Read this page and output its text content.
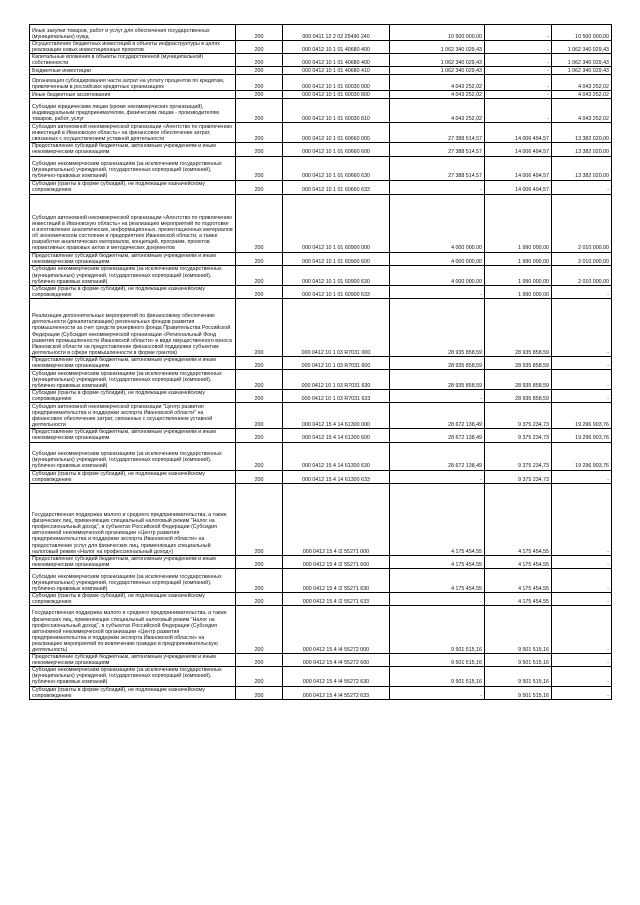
Иные закупки товаров, работ и услуг для обеспечения государственных (муниципальных) нужд	200	000 0411 12 2 02 25490 240	10 500 000,00	-	10 500 000,00
Осуществление бюджетных инвестиций в объекты инфраструктуры в целях реализации новых инвестиционных проектов	200	000 0412 10 1 01 40680 400	1 062 340 029,43	-	1 062 340 029,43
Капитальные вложения в объекты государственной (муниципальной) собственности	200	000 0412 10 1 01 40680 400	1 062 340 029,43	-	1 062 340 029,43
Бюджетные инвестиции	200	000 0412 10 1 01 40680 410	1 062 340 029,43	-	1 062 340 029,43
Организация субсидирования части затрат на уплату процентов по кредитам, привлеченным в российских кредитных организациях	200	000 0412 10 1 01 60030 000	4 043 252,02	-	4 043 252,02
Иные бюджетные ассигнования	200	000 0412 10 1 01 60030 800	4 043 252,02	-	4 043 252,02
Субсидии юридическим лицам (кроме некоммерческих организаций), индивидуальным предпринимателям, физическим лицам - производителям товаров, работ, услуг	200	000 0412 10 1 01 60030 810	4 043 252,02	-	4 043 252,02
Субсидия автономной некоммерческой организации «Агентство по привлечению инвестиций в Ивановскую область» на финансовое обеспечение затрат, связанных с осуществлением уставной деятельности	200	000 0412 10 1 01 60660 000	27 388 514,57	14 006 494,57	13 382 020,00
Предоставление субсидий бюджетным, автономным учреждениям и иным некоммерческим организациям	200	000 0412 10 1 01 60660 600	27 388 514,57	14 006 494,57	13 382 020,00
Субсидии некоммерческим организациям (за исключением государственных (муниципальных) учреждений, государственных корпораций (компаний), публично-правовых компаний)	200	000 0412 10 1 01 60660 630	27 388 514,57	14 006 494,57	13 382 020,00
Субсидии (гранты в форме субсидий), не подлежащие казначейскому сопровождению	200	000 0412 10 1 01 60660 633	-	14 006 494,57	-
Субсидия автономной некоммерческой организации «Агентство по привлечению инвестиций в Ивановскую область» на реализацию мероприятий по подготовке и изготовлению аналитических, информационных, презентационных материалов об экономическом состоянии и предприятиях Ивановской области, а также разработке аналитических материалов, концепций, программ, проектов нормативных правовых актов и методических документов	200	000 0412 10 1 01 60900 000	4 000 000,00	1 990 000,00	2 010 000,00
Предоставление субсидий бюджетным, автономным учреждениям и иным некоммерческим организациям	200	000 0412 10 1 01 60900 600	4 000 000,00	1 990 000,00	2 010 000,00
Субсидии некоммерческим организациям (за исключением государственных (муниципальных) учреждений, государственных корпораций (компаний), публично-правовых компаний)	200	000 0412 10 1 01 60900 630	4 000 000,00	1 990 000,00	2 010 000,00
Субсидии (гранты в форме субсидий), не подлежащие казначейскому сопровождению	200	000 0412 10 1 01 60900 633	-	1 990 000,00	-
Реализация дополнительных мероприятий по финансовому обеспечению деятельности (докапитализации) региональных фондов развития промышленности за счет средств резервного фонда Правительства Российской Федерации (Субсидия некоммерческой организации «Региональный Фонд развития промышленности Ивановской области» в виде имущественного взноса Ивановской области на предоставление финансовой поддержки субъектам деятельности в сфере промышленности в форме грантов)	200	000 0412 10 1 03 R7031 000	28 935 858,59	28 935 858,59	-
Предоставление субсидий бюджетным, автономным учреждениям и иным некоммерческим организациям	200	000 0412 10 1 03 R7031 600	28 935 858,59	28 935 858,59	-
Субсидии некоммерческим организациям (за исключением государственных (муниципальных) учреждений, государственных корпораций (компаний), публично-правовых компаний)	200	000 0412 10 1 03 R7031 630	28 935 858,59	28 935 858,59	-
Субсидии (гранты в форме субсидий), не подлежащие казначейскому сопровождению	200	000 0412 10 1 03 R7031 633	-	28 935 858,59	-
Субсидия автономной некоммерческой организации "Центр развития предпринимательства и поддержки экспорта Ивановской области" на финансовое обеспечение затрат, связанных с осуществлением уставной деятельности	200	000 0412 15 4 14 61300 000	28 672 138,49	9 375 234,73	19 296 903,76
Предоставление субсидий бюджетным, автономным учреждениям и иным некоммерческим организациям	200	000 0412 15 4 14 61300 600	28 672 138,49	9 375 234,73	19 296 903,76
Субсидии некоммерческим организациям (за исключением государственных (муниципальных) учреждений, государственных корпораций (компаний), публично-правовых компаний)	200	000 0412 15 4 14 61300 630	28 672 138,49	9 375 234,73	19 296 903,76
Субсидии (гранты в форме субсидий), не подлежащие казначейскому сопровождению	200	000 0412 15 4 14 61300 633	-	9 375 234,73	-
Государственная поддержка малого и среднего предпринимательства, а также физических лиц, применяющих специальный налоговый режим "Налог на профессиональный доход", в субъектах Российской Федерации (Субсидия автономной некоммерческой организации «Центр развития предпринимательства и поддержки экспорта Ивановской области» на предоставление услуг для физических лиц, применяющих специальный налоговый режим «Налог на профессиональный доход»)	200	000 0412 15 4 I2 55271 000	4 175 454,55	4 175 454,55	-
Предоставление субсидий бюджетным, автономным учреждениям и иным некоммерческим организациям	200	000 0412 15 4 I2 55271 600	4 175 454,55	4 175 454,55	-
Субсидии некоммерческим организациям (за исключением государственных (муниципальных) учреждений, государственных корпораций (компаний), публично-правовых компаний)	200	000 0412 15 4 I2 55271 630	4 175 454,55	4 175 454,55	-
Субсидии (гранты в форме субсидий), не подлежащие казначейскому сопровождению	200	000 0412 15 4 I2 55271 633	-	4 175 454,55	-
Государственная поддержка малого и среднего предпринимательства, а также физических лиц, применяющих специальный налоговый режим "Налог на профессиональный доход", в субъектах Российской Федерации (Субсидия автономной некоммерческой организации «Центр развития предпринимательства и поддержки экспорта Ивановской области» на реализацию мероприятий по вовлечению граждан в предпринимательскую деятельность)	200	000 0412 15 4 I4 55272 000	9 501 515,16	9 501 515,16	-
Предоставление субсидий бюджетным, автономным учреждениям и иным некоммерческим организациям	200	000 0412 15 4 I4 55272 600	9 501 515,16	9 501 515,16	-
Субсидии некоммерческим организациям (за исключением государственных (муниципальных) учреждений, государственных корпораций (компаний), публично-правовых компаний)	200	000 0412 15 4 I4 55272 630	9 501 515,16	9 501 515,16	-
Субсидии (гранты в форме субсидий), не подлежащие казначейскому сопровождению	200	000 0412 15 4 I4 55272 633	-	9 501 515,16	-
